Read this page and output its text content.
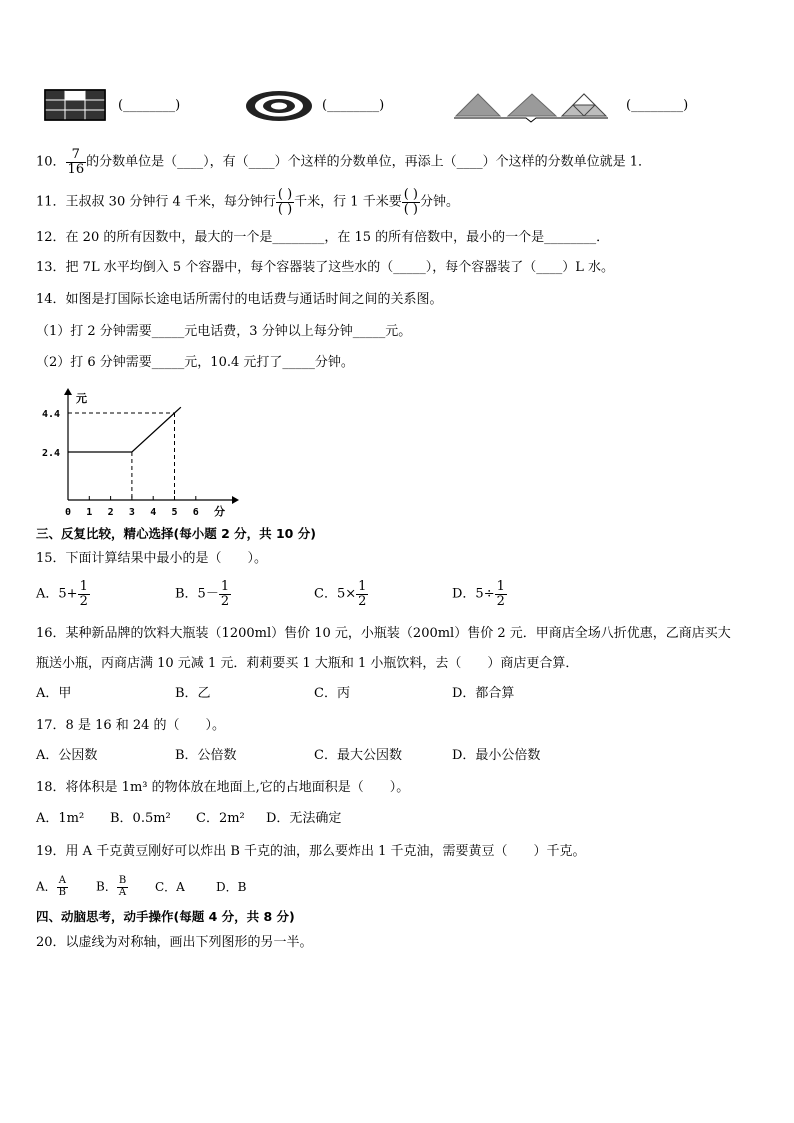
(________)	(________)	(________)
10． $\frac{7}{16}$ 的分数单位是（____），有（____）个这样的分数单位，再添上（____）个这样的分数单位就是 1．
11．王叔叔 30 分钟行 4 千米，每分钟行 $\frac{( )}{( )}$ 千米，行 1 千米要 $\frac{( )}{( )}$ 分钟。
12．在 20 的所有因数中，最大的一个是________，在 15 的所有倍数中，最小的一个是________．
13．把 7L 水平均倒入 5 个容器中，每个容器装了这些水的（_____），每个容器装了（____）L 水。
14．如图是打国际长途电话所需付的电话费与通话时间之间的关系图。
（1）打 2 分钟需要_____元电话费，3 分钟以上每分钟_____元。
（2）打 6 分钟需要_____元，10.4 元打了_____分钟。
元
0 1 2 3 4 5 6 分
2.4
4.4
三、反复比较，精心选择(每小题 2 分，共 10 分)
15．下面计算结果中最小的是（　　）。
A．$5+ \frac{1}{2}$	B．$5- \frac{1}{2}$	C．$5\times \frac{1}{2}$	D．$5\div \frac{1}{2}$
16．某种新品牌的饮料大瓶装（1200ml）售价 10 元，小瓶装（200ml）售价 2 元．甲商店全场八折优惠，乙商店买大
瓶送小瓶，丙商店满 10 元减 1 元．莉莉要买 1 大瓶和 1 小瓶饮料，去（　　）商店更合算．
A．甲	B．乙	C．丙	D．都合算
17．8 是 16 和 24 的（　　）。
A．公因数	B．公倍数	C．最大公因数	D．最小公倍数
18．将体积是 1m³ 的物体放在地面上,它的占地面积是（　　）。
A．1m² B．0.5m² C．2m² D．无法确定
19．用 A 千克黄豆刚好可以炸出 B 千克的油，那么要炸出 1 千克油，需要黄豆（　　）千克。
A． $\frac{A}{B}$ B． $\frac{B}{A}$ C．A	D．B
四、动脑思考，动手操作(每题 4 分，共 8 分)
20．以虚线为对称轴，画出下列图形的另一半。
